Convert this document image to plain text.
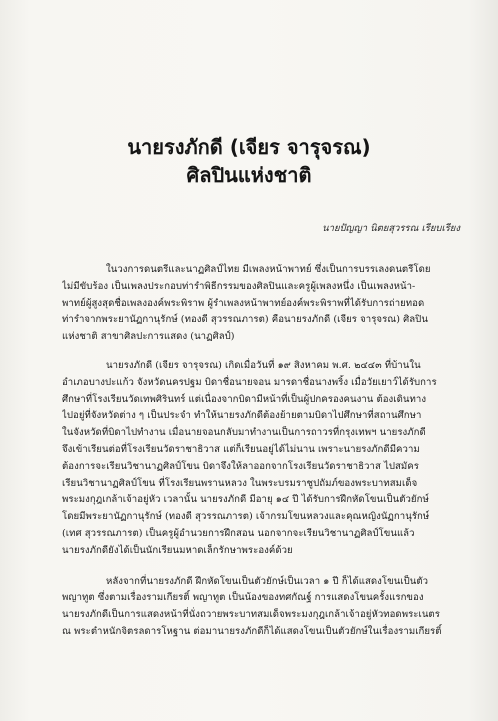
นายรงภักดี (เจียร จารุจรณ)
ศิลปินแห่งชาติ

นายปัญญา นิตยสุวรรณ เรียบเรียง

ในวงการดนตรีและนาฏศิลป์ไทย มีเพลงหน้าพาทย์ ซึ่งเป็นการบรรเลงดนตรีโดย
ไม่มีขับร้อง เป็นเพลงประกอบท่ารำพิธีกรรมของศิลปินและครูผู้เพลงหนึ่ง เป็นเพลงหน้า-
พาทย์ผู้สูงสุดชื่อเพลงองค์พระพิราพ ผู้รำเพลงหน้าพาทย์องค์พระพิราพที่ได้รับการถ่ายทอด
ท่ารำจากพระยานัฏกานุรักษ์ (ทองดี สุวรรณภารต) คือนายรงภักดี (เจียร จารุจรณ) ศิลปิน
แห่งชาติ สาขาศิลปะการแสดง (นาฏศิลป์)

นายรงภักดี (เจียร จารุจรณ) เกิดเมื่อวันที่ ๑๙ สิงหาคม พ.ศ. ๒๔๔๓ ที่บ้านใน
อำเภอบางปะแก้ว จังหวัดนครปฐม บิดาชื่อนายจอน มารดาชื่อนางพริ้ง เมื่อวัยเยาว์ได้รับการ
ศึกษาที่โรงเรียนวัดเทพศิรินทร์ แต่เนื่องจากบิดามีหน้าที่เป็นผู้ปกครองคนงาน ต้องเดินทาง
ไปอยู่ที่จังหวัดต่าง ๆ เป็นประจำ ทำให้นายรงภักดีต้องย้ายตามบิดาไปศึกษาที่สถานศึกษา
ในจังหวัดที่บิดาไปทำงาน เมื่อนายจอนกลับมาทำงานเป็นการถาวรที่กรุงเทพฯ นายรงภักดี
จึงเข้าเรียนต่อที่โรงเรียนวัดราชาธิวาส แต่ก็เรียนอยู่ได้ไม่นาน เพราะนายรงภักดีมีความ
ต้องการจะเรียนวิชานาฏศิลป์โขน บิดาจึงให้ลาออกจากโรงเรียนวัดราชาธิวาส ไปสมัคร
เรียนวิชานาฏศิลป์โขน ที่โรงเรียนพรานหลวง ในพระบรมราชูปถัมภ์ของพระบาทสมเด็จ
พระมงกุฎเกล้าเจ้าอยู่หัว เวลานั้น นายรงภักดี มีอายุ ๑๔ ปี ได้รับการฝึกหัดโขนเป็นตัวยักษ์
โดยมีพระยานัฏกานุรักษ์ (ทองดี สุวรรณภารต) เจ้ากรมโขนหลวงและคุณหญิงนัฏกานุรักษ์
(เทศ สุวรรณภารต) เป็นครูผู้อำนวยการฝึกสอน นอกจากจะเรียนวิชานาฏศิลป์โขนแล้ว
นายรงภักดียังได้เป็นนักเรียนมหาดเล็กรักษาพระองค์ด้วย

หลังจากที่นายรงภักดี ฝึกหัดโขนเป็นตัวยักษ์เป็นเวลา ๑ ปี ก็ได้แสดงโขนเป็นตัว
พญาทูต ซึ่งตามเรื่องรามเกียรติ์ พญาทูต เป็นน้องของทศกัณฐ์ การแสดงโขนครั้งแรกของ
นายรงภักดีเป็นการแสดงหน้าที่นั่งถวายพระบาทสมเด็จพระมงกุฎเกล้าเจ้าอยู่หัวทอดพระเนตร
ณ พระตำหนักจิตรลดารโหฐาน ต่อมานายรงภักดีก็ได้แสดงโขนเป็นตัวยักษ์ในเรื่องรามเกียรติ์
